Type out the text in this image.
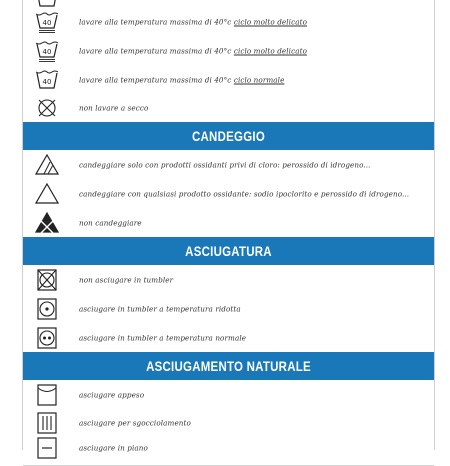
40	lavare alla temperatura massima di 40°c ciclo molto delicato
40	lavare alla temperatura massima di 40°c ciclo molto delicato
40	lavare alla temperatura massima di 40°c ciclo normale
non lavare a secco
CANDEGGIO
candeggiare solo con prodotti ossidanti privi di cloro: perossido di idrogeno...
candeggiare con qualsiasi prodotto ossidante: sodio ipoclorito e perossido di idrogeno...
non candeggiare
ASCIUGATURA
non asciugare in tumbler
asciugare in tumbler a temperatura ridotta
asciugare in tumbler a temperatura normale
ASCIUGAMENTO NATURALE
asciugare appeso
asciugare per sgocciolamento
asciugare in piano
